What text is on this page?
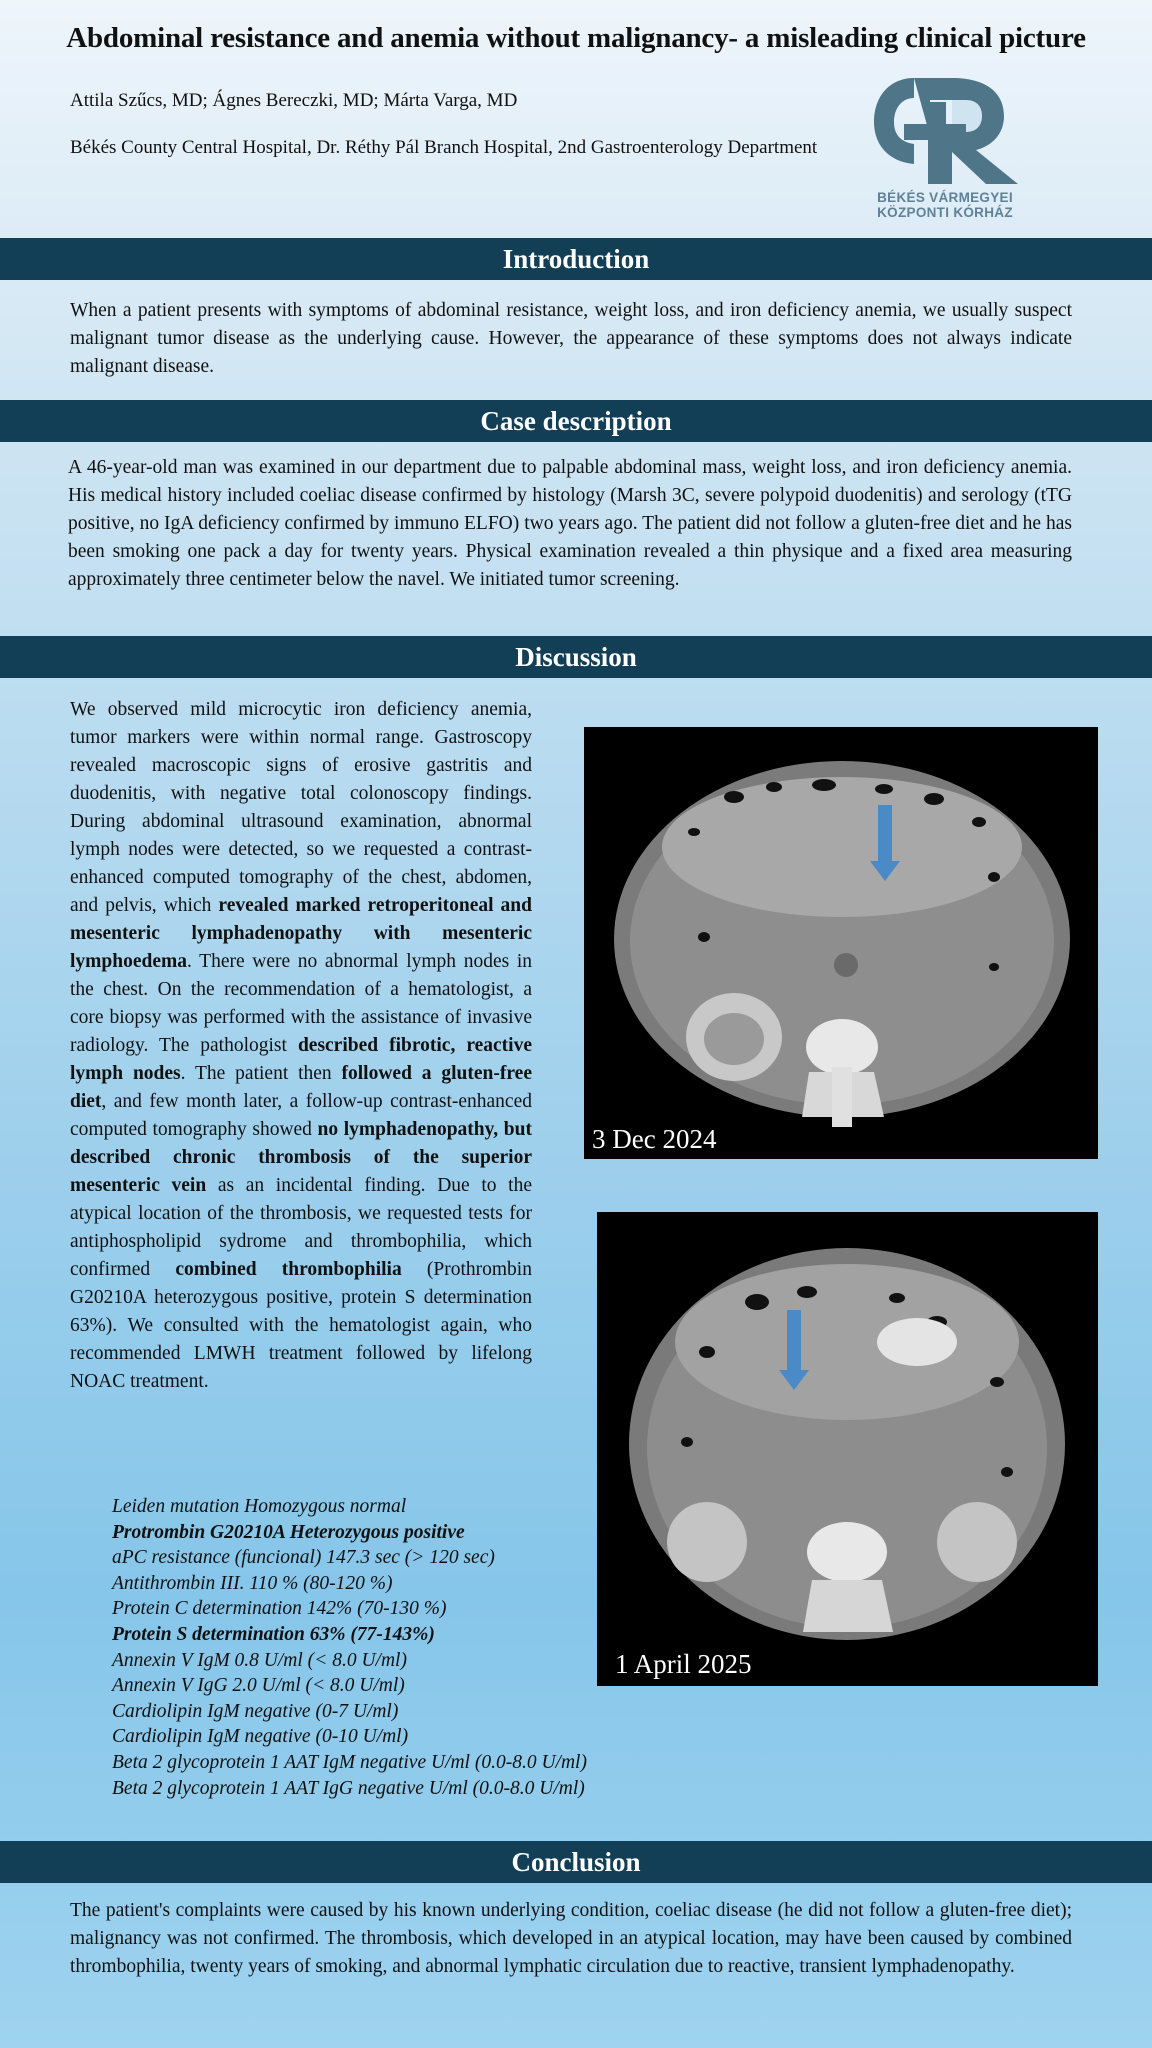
Abdominal resistance and anemia without malignancy- a misleading clinical picture
Attila Szűcs, MD; Ágnes Bereczki, MD; Márta Varga, MD
Békés County Central Hospital, Dr. Réthy Pál Branch Hospital, 2nd Gastroenterology Department
BÉKÉS VÁRMEGYEI
KÖZPONTI KÓRHÁZ
Introduction
When a patient presents with symptoms of abdominal resistance, weight loss, and iron deficiency anemia, we usually suspect malignant tumor disease as the underlying cause. However, the appearance of these symptoms does not always indicate malignant disease.
Case description
A 46-year-old man was examined in our department due to palpable abdominal mass, weight loss, and iron deficiency anemia. His medical history included coeliac disease confirmed by histology (Marsh 3C, severe polypoid duodenitis) and serology (tTG positive, no IgA deficiency confirmed by immuno ELFO) two years ago. The patient did not follow a gluten-free diet and he has been smoking one pack a day for twenty years. Physical examination revealed a thin physique and a fixed area measuring approximately three centimeter below the navel. We initiated tumor screening.
Discussion
We observed mild microcytic iron deficiency anemia, tumor markers were within normal range. Gastroscopy revealed macroscopic signs of erosive gastritis and duodenitis, with negative total colonoscopy findings. During abdominal ultrasound examination, abnormal lymph nodes were detected, so we requested a contrast-enhanced computed tomography of the chest, abdomen, and pelvis, which revealed marked retroperitoneal and mesenteric lymphadenopathy with mesenteric lymphoedema. There were no abnormal lymph nodes in the chest. On the recommendation of a hematologist, a core biopsy was performed with the assistance of invasive radiology. The pathologist described fibrotic, reactive lymph nodes. The patient then followed a gluten-free diet, and few month later, a follow-up contrast-enhanced computed tomography showed no lymphadenopathy, but described chronic thrombosis of the superior mesenteric vein as an incidental finding. Due to the atypical location of the thrombosis, we requested tests for antiphospholipid sydrome and thrombophilia, which confirmed combined thrombophilia (Prothrombin G20210A heterozygous positive, protein S determination 63%). We consulted with the hematologist again, who recommended LMWH treatment followed by lifelong NOAC treatment.
3 Dec 2024
1 April 2025
Leiden mutation Homozygous normal
Protrombin G20210A Heterozygous positive
aPC resistance (funcional) 147.3 sec (> 120 sec)
Antithrombin III. 110 % (80-120 %)
Protein C determination 142% (70-130 %)
Protein S determination 63% (77-143%)
Annexin V IgM 0.8 U/ml (< 8.0 U/ml)
Annexin V IgG 2.0 U/ml (< 8.0 U/ml)
Cardiolipin IgM negative (0-7 U/ml)
Cardiolipin IgM negative (0-10 U/ml)
Beta 2 glycoprotein 1 AAT IgM negative U/ml (0.0-8.0 U/ml)
Beta 2 glycoprotein 1 AAT IgG negative U/ml (0.0-8.0 U/ml)
Conclusion
The patient's complaints were caused by his known underlying condition, coeliac disease (he did not follow a gluten-free diet); malignancy was not confirmed. The thrombosis, which developed in an atypical location, may have been caused by combined thrombophilia, twenty years of smoking, and abnormal lymphatic circulation due to reactive, transient lymphadenopathy.
